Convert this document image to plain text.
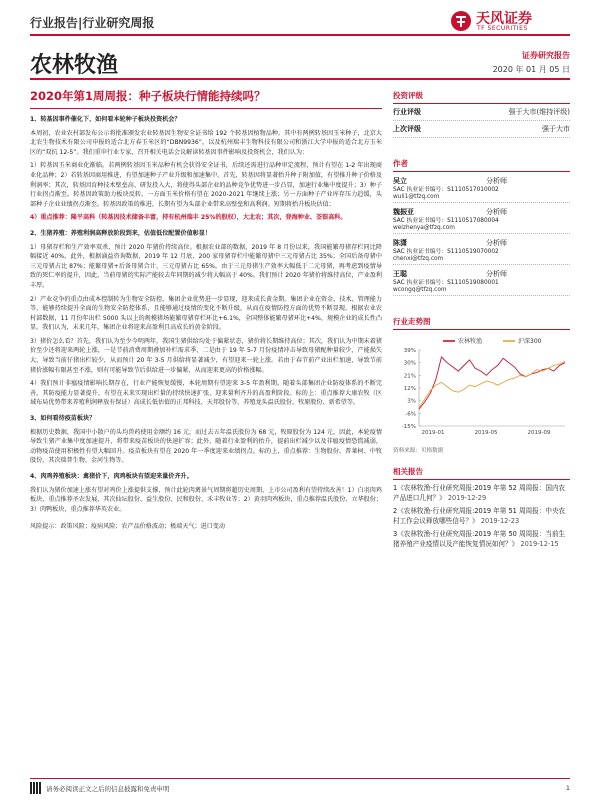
行业报告|行业研究周报	天风证券
TF SECURITIES
农林牧渔	证券研究报告
2020 年 01 月 05 日
2020年第1周周报：种子板块行情能持续吗？

1、转基因事件催化下，如何看本轮种子板块投资机会？

本周初，农业农村部发布公示将批准颁发农业转基因生物安全证书给 192 个转基因植物品种。其中有两例转基因玉米种子，北京大北农生物技术有限公司申报的适合北方春玉米区的“DBN9936”，以及杭州瑞丰生物科技有限公司和浙江大学申报的适合北方玉米区的“双抗 12-5”。我们重申行业专家，召开相关电话会议解读转基因事件影响及投资机会，我们认为：

1）转基因玉米商业化渐临。若两例转基因玉米品种有机会获得安全证书，后续还需进行品种审定流程，预计有望在 1-2 年出现商业化品种；2）若转基因商用推进，有望加速种子产业升级和加速集中。首先，转基因将显著抬升种子附加值，有望推升种子价格及利润率；其次，转基因育种技术壁垒高、研发投入大，将使得头部企业的品种竞争优势进一步凸显，加速行业集中度提升；3）种子行业拐点渐至。转基因政策助力板块反转，一方面玉米价格有望在 2020-2021 年继续上涨；另一方面种子产业库存压力趋缓，头部种子企业业绩拐点渐至。转基因政策的推进，长期有望为头部企业带来高壁垒和高利润。短期将抬升板块估值；

4）重点推荐：隆平高科（转基因技术储备丰富，持有杭州瑞丰 25%的股权），大北农；其次，登海种业、荃银高科。

2、生猪养殖：养殖利润高释放阶段到来，估值低位配置价值彰显！

1）母猪存栏和生产效率双杀，预计 2020 年猪价持续高位。根据农业部的数据，2019 年 8 月份以来，我国能繁母猪存栏同比降幅接近 40%。此外，根据涌益咨询数据，2019 年 12 月底，200 家母猪存栏中能繁母猪中三元母猪占比 35%；全国后备母猪中三元母猪占比 87%；能繁母猪+后备母猪合计，三元母猪占比 65%。由于三元母猪生产效率大幅低于二元母猪，再考虑到疫情导致的死仁率的提升，因此，当前母猪的实际产能较去年同期的减少将大幅高于 40%。我们预计 2020 年猪价将维持高位，产业盈利丰厚。

2）产业竞争的重点由成本控制转为生物安全防控，集团企业优势进一步显现，迎来成长黄金期。集团企业在资金、技术、管理能力等，能够持续提升全面的生物安全防控体系，且能够通过疫情的变化不断升级，从而在疫情防控方面的优势不断显现。根据农业农村部数据，11 月份年出栏 5000 头以上的规模猪场能繁母猪存栏环比+6.1%，全国整体能繁母猪环比+4%，规模企业的成长性凸显。我们认为，未来几年，集团企业将迎来高盈利且高成长的黄金阶段。

3）猪价怎么看？首先，我们认为至少今明两年，我国生猪供给均处于偏紧状态，猪价将长期维持高位；其次，我们认为中期未着猪价至少还将迎来两轮上涨，一是节前消费周期叠加补栏需求季，二是由于 19 年 5-7 月份疫情冲击导致母猪配种量较少，产能损失大，导致当前仔猪出栏较少，从而预计 20 年 3-5 月供给将显著减少，有望迎来一轮上涨。若由于春节前产业出栏加速，导致节前猪价涨幅有限甚至不涨，则有可能导致节后供给进一步偏紧，从而迎来更高的价格涨幅。

4）我们预计非瘟疫情影响长期存在，行业产能恢复缓慢，本轮周期有望迎来 3-5 年盈利期。随着头部集团企业防疫体系的不断完善，其防疫能力显著提升，有望在未来实现出栏量的持续快速扩张，迎来量利齐升的高盈利阶段。标的上：重点推荐大康农牧（区域布局优势带来养殖利润释放有保证）高成长低估值的正邦科技、天邦股份等，养殖龙头温氏股份、牧原股份、新希望等。

3、如何看待疫苗板块？

根据历史数据，我国中小散户的头均兽药使用金额约 16 元，而过去五年温氏股份为 68 元，牧原股份为 124 元，因此，本轮疫情导致生猪产业集中度加速提升，将带来疫苗板块的快速扩容；此外，随着行业盈利的抬升，提前出栏减少以及非瘟疫情恐慌减弱，动物疫苗使用积极性有望大幅回升。疫苗板块有望在 2020 年一季度迎来业绩拐点。标的上，重点推荐：生物股份、普莱柯、中牧股份，其次瑞普生物、金河生物等。

4、肉鸡养殖板块：禽猪价下，肉鸡板块有望迎来量价齐升。

我们认为猪价加速上涨有望对鸡价上涨提供支撑，预计此轮肉禽景气周期将超历史周期，上市公司盈利有望持续改善！1）白羽肉鸡板块，重点推荐圣农发展，其次仙坛股份、益生股份、民和股份、禾丰牧业等；2）黄羽肉鸡板块，重点推荐温氏股份、立华股份；3）肉鸭板块，重点推荐华英农业。

风险提示：政策风险；疫病风险；农产品价格波动；极端天气；进口变动

投资评级
行业评级	强于大市(维持评级)
上次评级	强于大市
作者
吴立	分析师
SAC 执业证书编号：S1110517010002
wuli1@tfzq.com
魏振亚	分析师
SAC 执业证书编号：S1110517080004
weizhenya@tfzq.com
陈潇	分析师
SAC 执业证书编号：S1110519070002
chenxi@tfzq.com
王聪	分析师
SAC 执业证书编号：S1110519080001
wcongq@tfzq.com
行业走势图
-15%
-6%
3%
12%
21%
30%
39%
2019-01	2019-05	2019-09
农林牧渔	沪深300
资料来源：贝格数据
相关报告
1《农林牧渔-行业研究周报:2019 年第 52 周周报：国内农产品进口几何？》 2019-12-29
2《农林牧渔-行业研究周报:2019 年第 51 周周报：中央农村工作会议释放哪些信号？》 2019-12-23
3《农林牧渔-行业研究周报:2019 年第 50 周周报：当前生猪养殖产业疫情以及产能恢复情况如何？》 2019-12-15
请务必阅读正文之后的信息披露和免责申明	1
